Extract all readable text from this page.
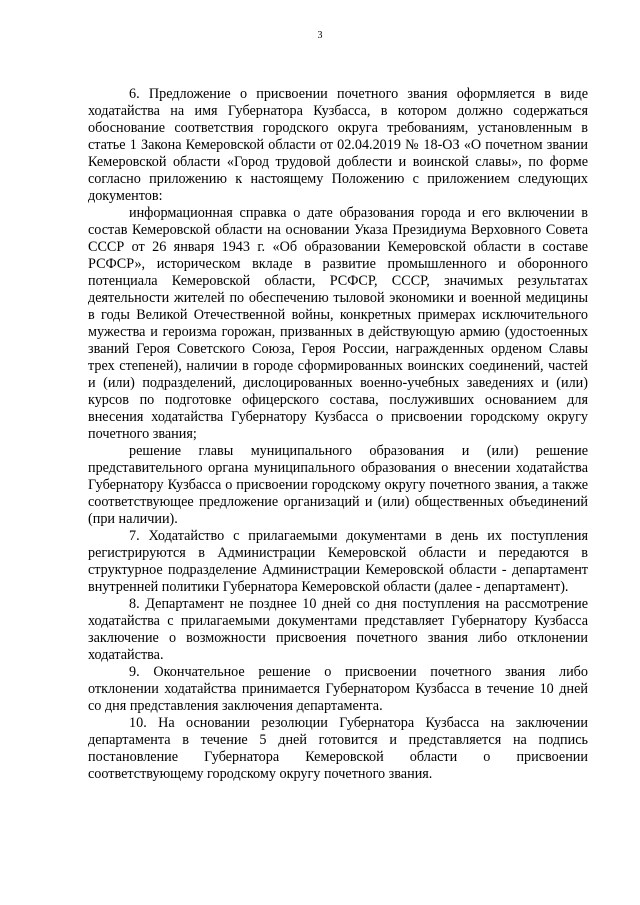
3

6. Предложение о присвоении почетного звания оформляется в виде ходатайства на имя Губернатора Кузбасса, в котором должно содержаться обоснование соответствия городского округа требованиям, установленным в статье 1 Закона Кемеровской области от 02.04.2019 № 18-ОЗ «О почетном звании Кемеровской области «Город трудовой доблести и воинской славы», по форме согласно приложению к настоящему Положению с приложением следующих документов:

информационная справка о дате образования города и его включении в состав Кемеровской области на основании Указа Президиума Верховного Совета СССР от 26 января 1943 г. «Об образовании Кемеровской области в составе РСФСР», историческом вкладе в развитие промышленного и оборонного потенциала Кемеровской области, РСФСР, СССР, значимых результатах деятельности жителей по обеспечению тыловой экономики и военной медицины в годы Великой Отечественной войны, конкретных примерах исключительного мужества и героизма горожан, призванных в действующую армию (удостоенных званий Героя Советского Союза, Героя России, награжденных орденом Славы трех степеней), наличии в городе сформированных воинских соединений, частей и (или) подразделений, дислоцированных военно-учебных заведениях и (или) курсов по подготовке офицерского состава, послуживших основанием для внесения ходатайства Губернатору Кузбасса о присвоении городскому округу почетного звания;

решение главы муниципального образования и (или) решение представительного органа муниципального образования о внесении ходатайства Губернатору Кузбасса о присвоении городскому округу почетного звания, а также соответствующее предложение организаций и (или) общественных объединений (при наличии).

7. Ходатайство с прилагаемыми документами в день их поступления регистрируются в Администрации Кемеровской области и передаются в структурное подразделение Администрации Кемеровской области - департамент внутренней политики Губернатора Кемеровской области (далее - департамент).

8. Департамент не позднее 10 дней со дня поступления на рассмотрение ходатайства с прилагаемыми документами представляет Губернатору Кузбасса заключение о возможности присвоения почетного звания либо отклонении ходатайства.

9. Окончательное решение о присвоении почетного звания либо отклонении ходатайства принимается Губернатором Кузбасса в течение 10 дней со дня представления заключения департамента.

10. На основании резолюции Губернатора Кузбасса на заключении департамента в течение 5 дней готовится и представляется на подпись постановление Губернатора Кемеровской области о присвоении соответствующему городскому округу почетного звания.
